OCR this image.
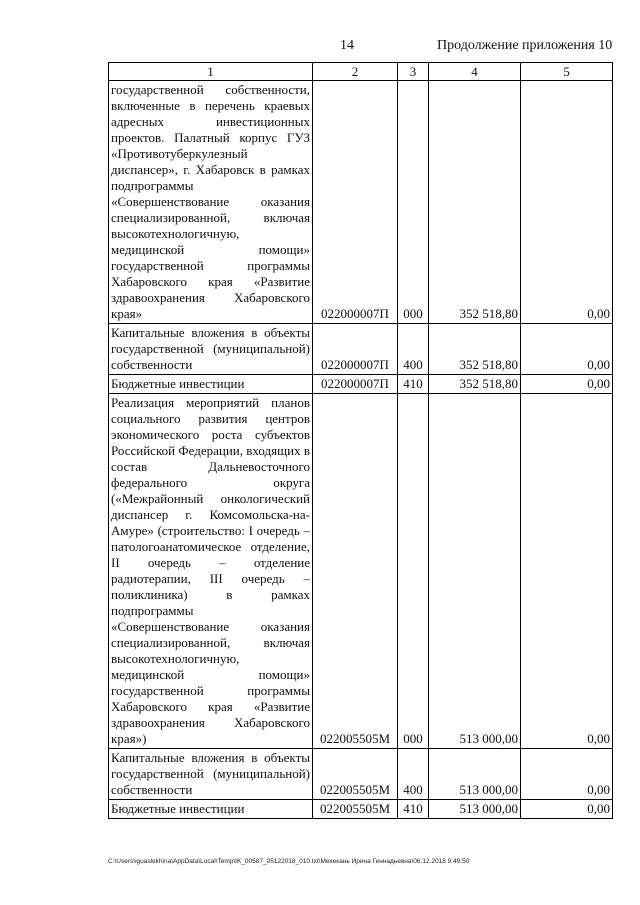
14	Продолжение приложения 10
1	2	3	4	5
государственной собственности, включенные в перечень краевых адресных инвестиционных проектов. Палатный корпус ГУЗ «Противотуберкулезный диспансер», г. Хабаровск в рамках подпрограммы «Совершенствование оказания специализированной, включая высокотехнологичную, медицинской помощи» государственной программы Хабаровского края «Развитие здравоохранения Хабаровского края»	022000007П	000	352 518,80	0,00
Капитальные вложения в объекты государственной (муниципальной) собственности	022000007П	400	352 518,80	0,00
Бюджетные инвестиции	022000007П	410	352 518,80	0,00
Реализация мероприятий планов социального развития центров экономического роста субъектов Российской Федерации, входящих в состав Дальневосточного федерального округа («Межрайонный онкологический диспансер г. Комсомольска-на-Амуре» (строительство: I очередь – патологоанатомическое отделение, II очередь – отделение радиотерапии, III очередь – поликлиника) в рамках подпрограммы «Совершенствование оказания специализированной, включая высокотехнологичную, медицинской помощи» государственной программы Хабаровского края «Развитие здравоохранения Хабаровского края»)	022005505М	000	513 000,00	0,00
Капитальные вложения в объекты государственной (муниципальной) собственности	022005505М	400	513 000,00	0,00
Бюджетные инвестиции	022005505М	410	513 000,00	0,00
C:\Users\iguaslekhina\AppData\Local\Temp\IK_00587_05122018_010.txt\Мехекань Ирина Геннадьевна\06.12.2018 9:49:50
